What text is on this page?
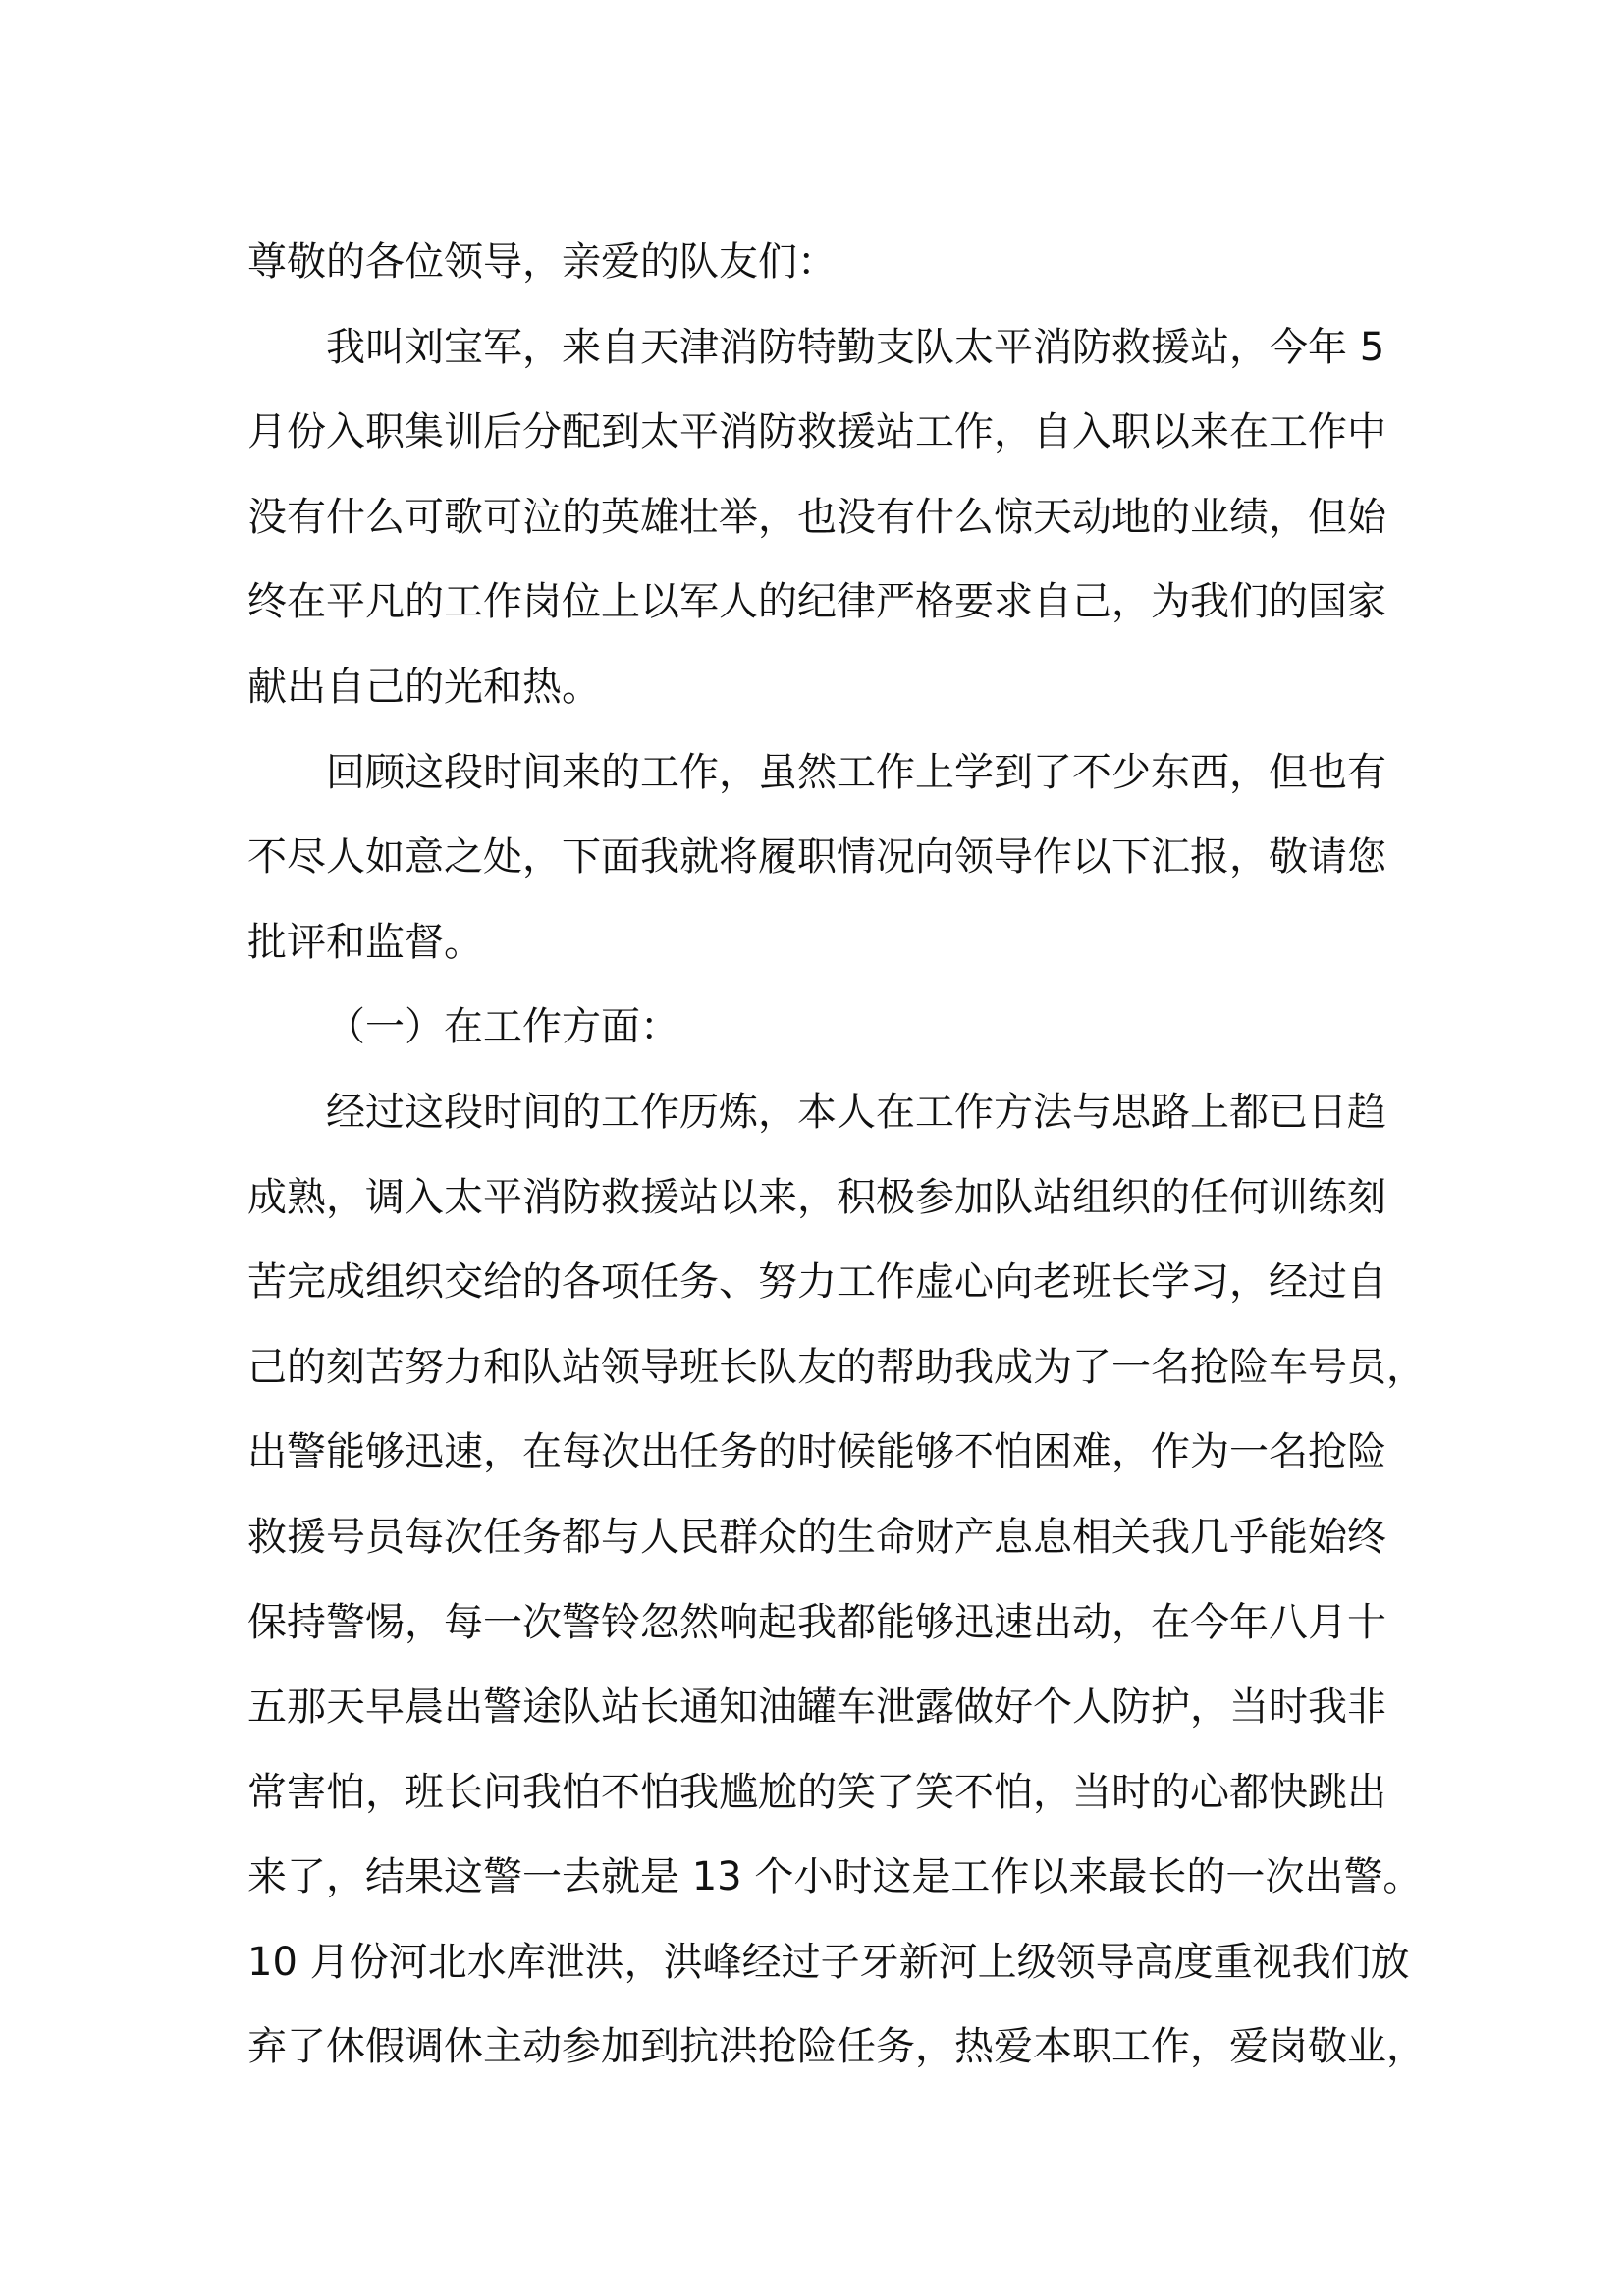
尊敬的各位领导，亲爱的队友们：
我叫刘宝军，来自天津消防特勤支队太平消防救援站，今年 5
月份入职集训后分配到太平消防救援站工作，自入职以来在工作中
没有什么可歌可泣的英雄壮举，也没有什么惊天动地的业绩，但始
终在平凡的工作岗位上以军人的纪律严格要求自己，为我们的国家
献出自己的光和热。
回顾这段时间来的工作，虽然工作上学到了不少东西，但也有
不尽人如意之处，下面我就将履职情况向领导作以下汇报，敬请您
批评和监督。
（一）在工作方面：
经过这段时间的工作历炼，本人在工作方法与思路上都已日趋
成熟，调入太平消防救援站以来，积极参加队站组织的任何训练刻
苦完成组织交给的各项任务、努力工作虚心向老班长学习，经过自
己的刻苦努力和队站领导班长队友的帮助我成为了一名抢险车号员，
出警能够迅速，在每次出任务的时候能够不怕困难，作为一名抢险
救援号员每次任务都与人民群众的生命财产息息相关我几乎能始终
保持警惕，每一次警铃忽然响起我都能够迅速出动，在今年八月十
五那天早晨出警途队站长通知油罐车泄露做好个人防护，当时我非
常害怕，班长问我怕不怕我尴尬的笑了笑不怕，当时的心都快跳出
来了，结果这警一去就是 13 个小时这是工作以来最长的一次出警。
10 月份河北水库泄洪，洪峰经过子牙新河上级领导高度重视我们放
弃了休假调休主动参加到抗洪抢险任务，热爱本职工作，爱岗敬业，
